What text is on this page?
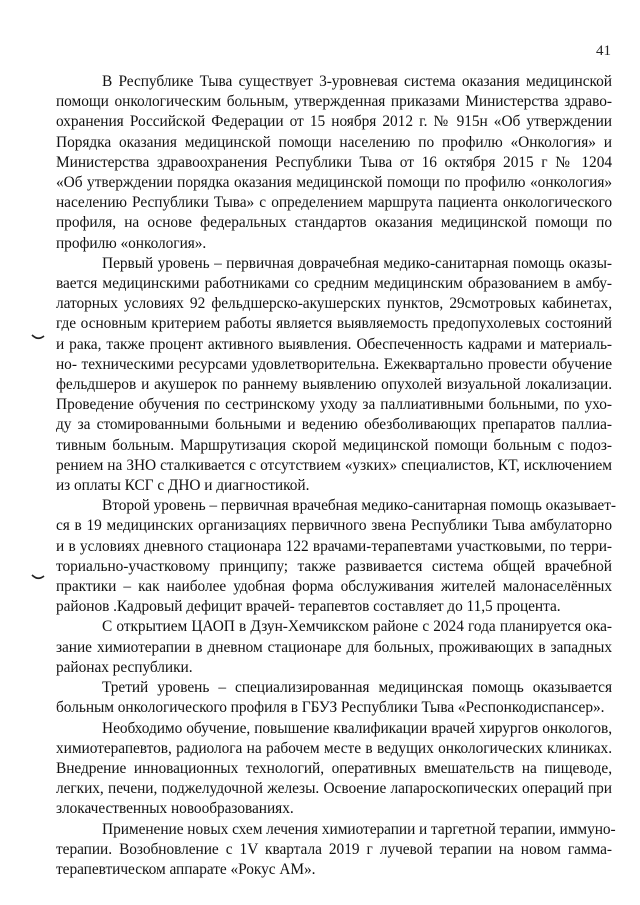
41
В Республике Тыва существует 3-уровневая система оказания медицинской
помощи онкологическим больным, утвержденная приказами Министерства здраво-
охранения Российской Федерации от 15 ноября 2012 г. № 915н «Об утверждении
Порядка оказания медицинской помощи населению по профилю «Онкология» и
Министерства здравоохранения Республики Тыва от 16 октября 2015 г № 1204
«Об утверждении порядка оказания медицинской помощи по профилю «онкология»
населению Республики Тыва» с определением маршрута пациента онкологического
профиля, на основе федеральных стандартов оказания медицинской помощи по
профилю «онкология».
Первый уровень – первичная доврачебная медико-санитарная помощь оказы-
вается медицинскими работниками со средним медицинским образованием в амбу-
латорных условиях 92 фельдшерско-акушерских пунктов, 29смотровых кабинетах,
где основным критерием работы является выявляемость предопухолевых состояний
и рака, также процент активного выявления. Обеспеченность кадрами и материаль-
но- техническими ресурсами удовлетворительна. Ежеквартально провести обучение
фельдшеров и акушерок по раннему выявлению опухолей визуальной локализации.
Проведение обучения по сестринскому уходу за паллиативными больными, по ухо-
ду за стомированными больными и ведению обезболивающих препаратов паллиа-
тивным больным. Маршрутизация скорой медицинской помощи больным с подоз-
рением на ЗНО сталкивается с отсутствием «узких» специалистов, КТ, исключением
из оплаты КСГ с ДНО и диагностикой.
Второй уровень – первичная врачебная медико-санитарная помощь оказывает-
ся в 19 медицинских организациях первичного звена Республики Тыва амбулаторно
и в условиях дневного стационара 122 врачами-терапевтами участковыми, по терри-
ториально-участковому принципу; также развивается система общей врачебной
практики – как наиболее удобная форма обслуживания жителей малонаселённых
районов .Кадровый дефицит врачей- терапевтов составляет до 11,5 процента.
С открытием ЦАОП в Дзун-Хемчикском районе с 2024 года планируется ока-
зание химиотерапии в дневном стационаре для больных, проживающих в западных
районах республики.
Третий уровень – специализированная медицинская помощь оказывается
больным онкологического профиля в ГБУЗ Республики Тыва «Респонкодиспансер».
Необходимо обучение, повышение квалификации врачей хирургов онкологов,
химиотерапевтов, радиолога на рабочем месте в ведущих онкологических клиниках.
Внедрение инновационных технологий, оперативных вмешательств на пищеводе,
легких, печени, поджелудочной железы. Освоение лапароскопических операций при
злокачественных новообразованиях.
Применение новых схем лечения химиотерапии и таргетной терапии, иммуно-
терапии. Возобновление с 1V квартала 2019 г лучевой терапии на новом гамма-
терапевтическом аппарате «Рокус АМ».
